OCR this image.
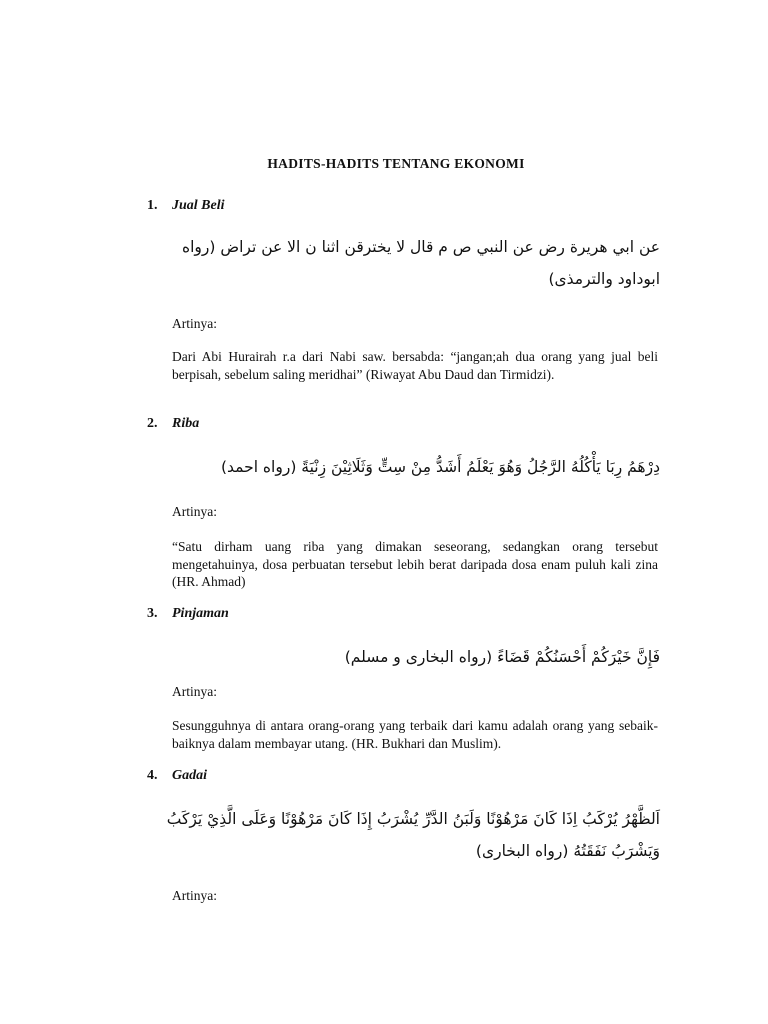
HADITS-HADITS TENTANG EKONOMI
1. Jual Beli
عن ابي هريرة رض عن النبي ص م قال لا يخترقن اثنا ن الا عن تراض (رواه ابوداود والترمذى)
Artinya:
Dari Abi Hurairah r.a dari Nabi saw. bersabda: “jangan;ah dua orang yang jual beli berpisah, sebelum saling meridhai” (Riwayat Abu Daud dan Tirmidzi).
2. Riba
دِرْهَمُ رِبَا يَأْكُلُهُ الرَّجُلُ وَهُوَ يَعْلَمُ أَشَدُّ مِنْ سِتٍّ وَثَلَاثِيْنَ زِنْيَةً (رواه احمد)
Artinya:
“Satu dirham uang riba yang dimakan seseorang, sedangkan orang tersebut mengetahuinya, dosa perbuatan tersebut lebih berat daripada dosa enam puluh kali zina (HR. Ahmad)
3. Pinjaman
فَإِنَّ خَيْرَكُمْ أَحْسَنُكُمْ قَضَاءً (رواه البخارى و مسلم)
Artinya:
Sesungguhnya di antara orang-orang yang terbaik dari kamu adalah orang yang sebaik-baiknya dalam membayar utang. (HR. Bukhari dan Muslim).
4. Gadai
اَلظَّهْرُ يُرْكَبُ اِذَا كَانَ مَرْهُوْنًا وَلَبَنُ الدَّرِّ يُشْرَبُ إِذَا كَانَ مَرْهُوْنًا وَعَلَى الَّذِيْ يَرْكَبُ وَيَشْرَبُ نَفَقَتُهُ (رواه البخارى)
Artinya:
